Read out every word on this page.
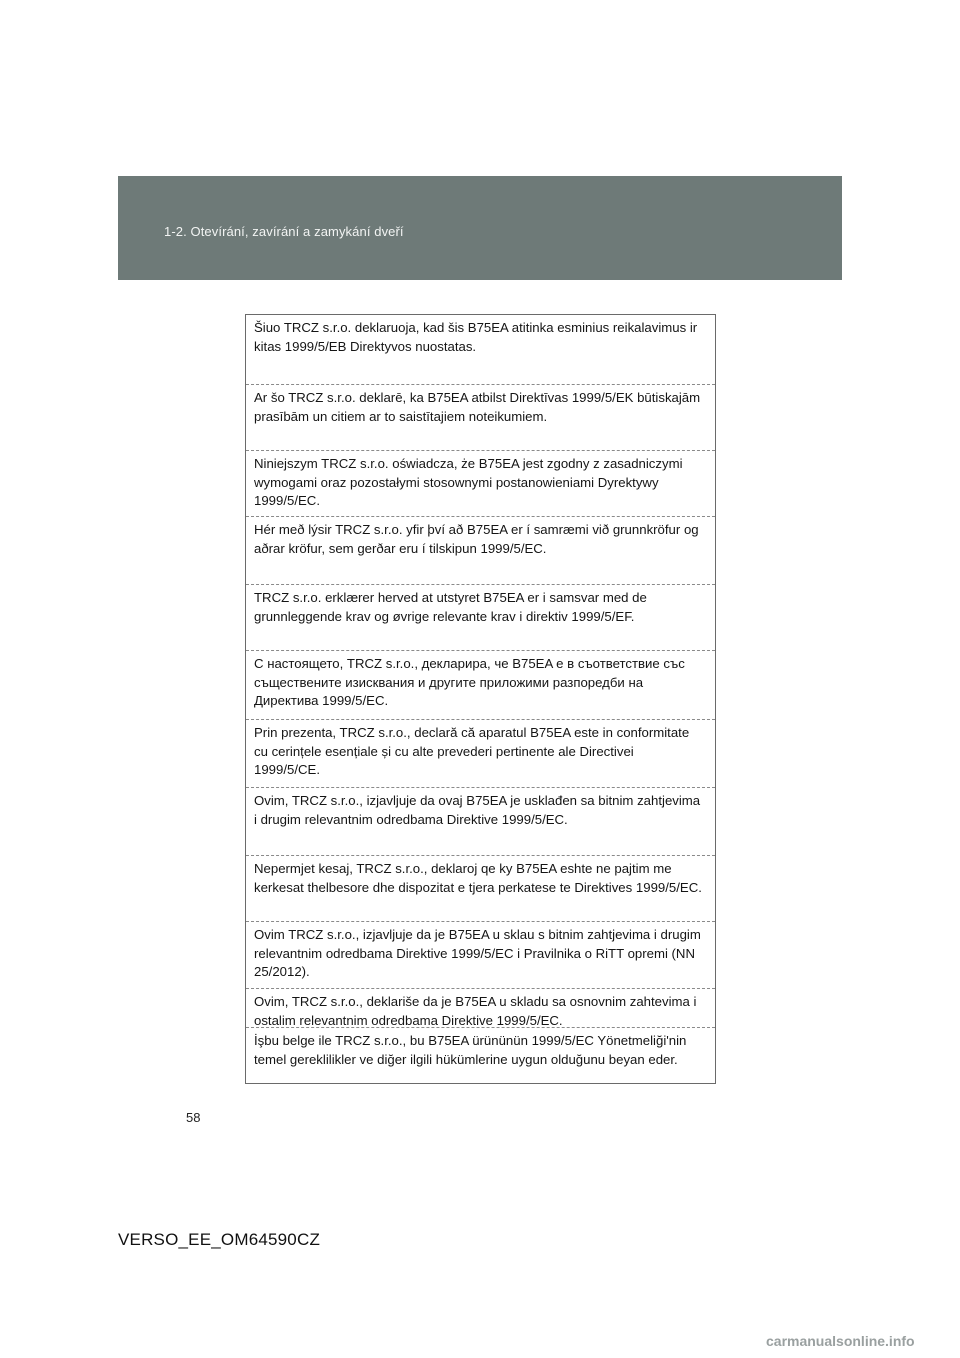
1-2. Otevírání, zavírání a zamykání dveří

Šiuo TRCZ s.r.o. deklaruoja, kad šis B75EA atitinka esminius reikalavimus ir kitas 1999/5/EB Direktyvos nuostatas.

Ar šo TRCZ s.r.o. deklarē, ka B75EA atbilst Direktīvas 1999/5/EK būtiskajām prasībām un citiem ar to saistītajiem noteikumiem.

Niniejszym TRCZ s.r.o. oświadcza, że B75EA jest zgodny z zasadniczymi wymogami oraz pozostałymi stosownymi postanowieniami Dyrektywy 1999/5/EC.

Hér með lýsir TRCZ s.r.o. yfir því að B75EA er í samræmi við grunnkröfur og aðrar kröfur, sem gerðar eru í tilskipun 1999/5/EC.

TRCZ s.r.o. erklærer herved at utstyret B75EA er i samsvar med de grunnleggende krav og øvrige relevante krav i direktiv 1999/5/EF.

С настоящето, TRCZ s.r.o., декларира, че B75EA е в съответствие със съществените изисквания и другите приложими разпоредби на Директива 1999/5/ЕС.

Prin prezenta, TRCZ s.r.o., declară că aparatul B75EA este in conformitate cu cerințele esențiale și cu alte prevederi pertinente ale Directivei 1999/5/CE.

Ovim, TRCZ s.r.o., izjavljuje da ovaj B75EA je usklađen sa bitnim zahtjevima i drugim relevantnim odredbama Direktive 1999/5/EC.

Nepermjet kesaj, TRCZ s.r.o., deklaroj qe ky B75EA eshte ne pajtim me kerkesat thelbesore dhe dispozitat e tjera perkatese te Direktives 1999/5/EC.

Ovim TRCZ s.r.o., izjavljuje da je B75EA u sklau s bitnim zahtjevima i drugim relevantnim odredbama Direktive 1999/5/EC i Pravilnika o RiTT opremi (NN 25/2012).

Ovim, TRCZ s.r.o., deklariše da je B75EA u skladu sa osnovnim zahtevima i ostalim relevantnim odredbama Direktive 1999/5/EC.

İşbu belge ile TRCZ s.r.o., bu B75EA ürününün 1999/5/EC Yönetmeliği'nin temel gereklilikler ve diğer ilgili hükümlerine uygun olduğunu beyan eder.

58
VERSO_EE_OM64590CZ
carmanualsonline.info
